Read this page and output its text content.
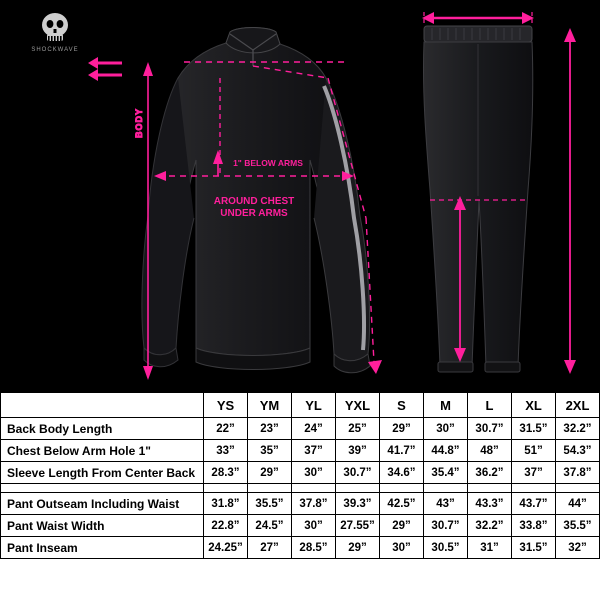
SHOCKWAVE
BODY
1" BELOW ARMS
AROUND CHEST
UNDER ARMS
	YS	YM	YL	YXL	S	M	L	XL	2XL
Back Body Length	22”	23”	24”	25”	29”	30”	30.7”	31.5”	32.2”
Chest Below Arm Hole 1"	33”	35”	37”	39”	41.7”	44.8”	48”	51”	54.3”
Sleeve Length From Center Back	28.3”	29”	30”	30.7”	34.6”	35.4”	36.2”	37”	37.8”

Pant Outseam Including Waist	31.8”	35.5”	37.8”	39.3”	42.5”	43”	43.3”	43.7”	44”
Pant Waist Width	22.8”	24.5”	30”	27.55”	29”	30.7”	32.2”	33.8”	35.5”
Pant Inseam	24.25”	27”	28.5”	29”	30”	30.5”	31”	31.5”	32”
